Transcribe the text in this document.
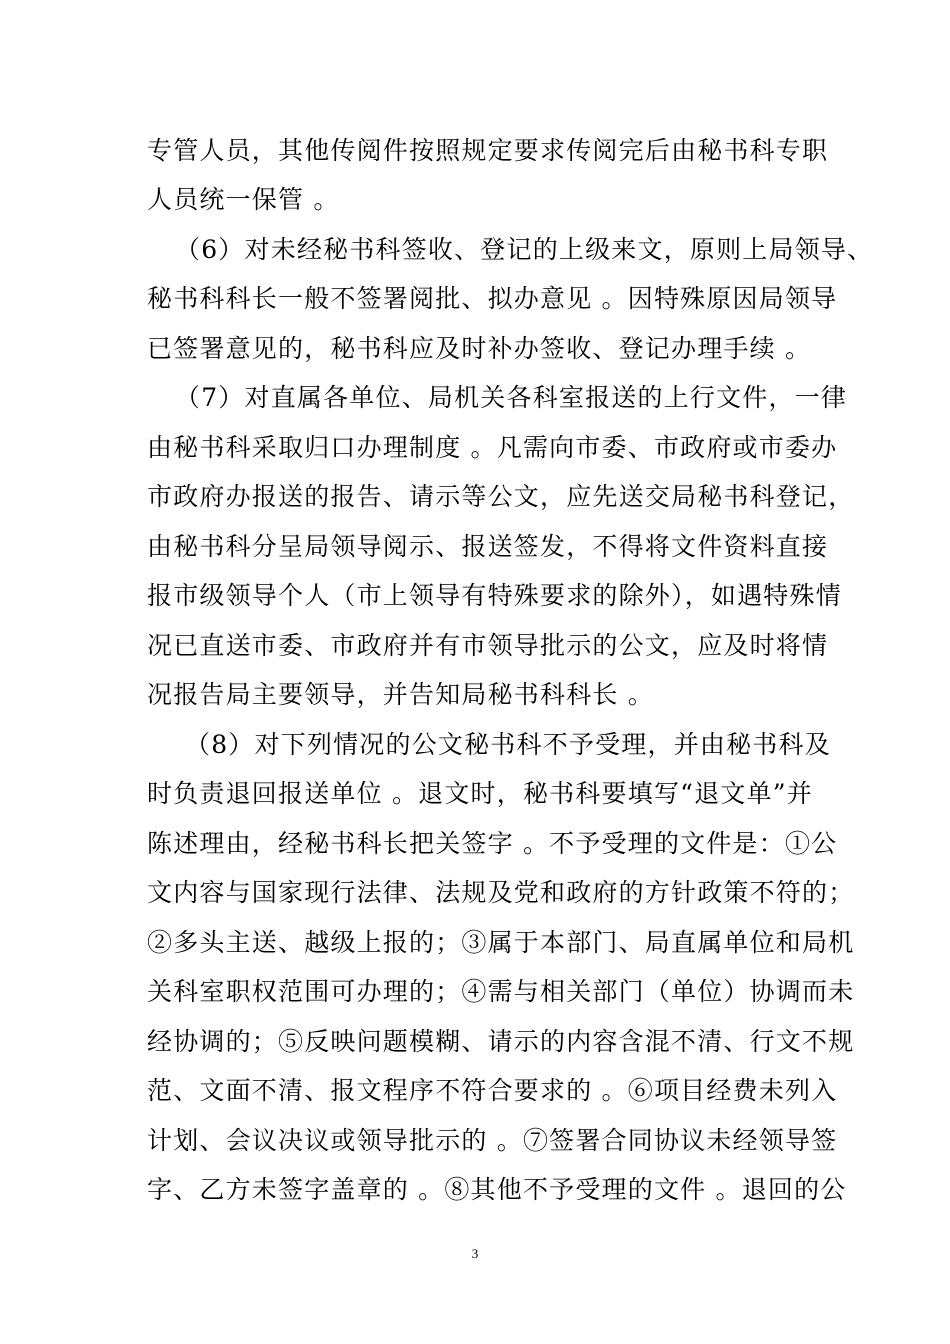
专管人员，其他传阅件按照规定要求传阅完后由秘书科专职
人员统一保管 。
（6）对未经秘书科签收、登记的上级来文，原则上局领导、
秘书科科长一般不签署阅批、拟办意见 。因特殊原因局领导
已签署意见的，秘书科应及时补办签收、登记办理手续 。
（7）对直属各单位、局机关各科室报送的上行文件，一律
由秘书科采取归口办理制度 。凡需向市委、市政府或市委办
市政府办报送的报告、请示等公文，应先送交局秘书科登记，
由秘书科分呈局领导阅示、报送签发，不得将文件资料直接
报市级领导个人（市上领导有特殊要求的除外），如遇特殊情
况已直送市委、市政府并有市领导批示的公文，应及时将情
况报告局主要领导，并告知局秘书科科长 。
（8）对下列情况的公文秘书科不予受理，并由秘书科及
时负责退回报送单位 。退文时，秘书科要填写“退文单”并
陈述理由，经秘书科长把关签字 。不予受理的文件是：①公
文内容与国家现行法律、法规及党和政府的方针政策不符的；
②多头主送、越级上报的；③属于本部门、局直属单位和局机
关科室职权范围可办理的；④需与相关部门（单位）协调而未
经协调的；⑤反映问题模糊、请示的内容含混不清、行文不规
范、文面不清、报文程序不符合要求的 。⑥项目经费未列入
计划、会议决议或领导批示的 。⑦签署合同协议未经领导签
字、乙方未签字盖章的 。⑧其他不予受理的文件 。退回的公
3
